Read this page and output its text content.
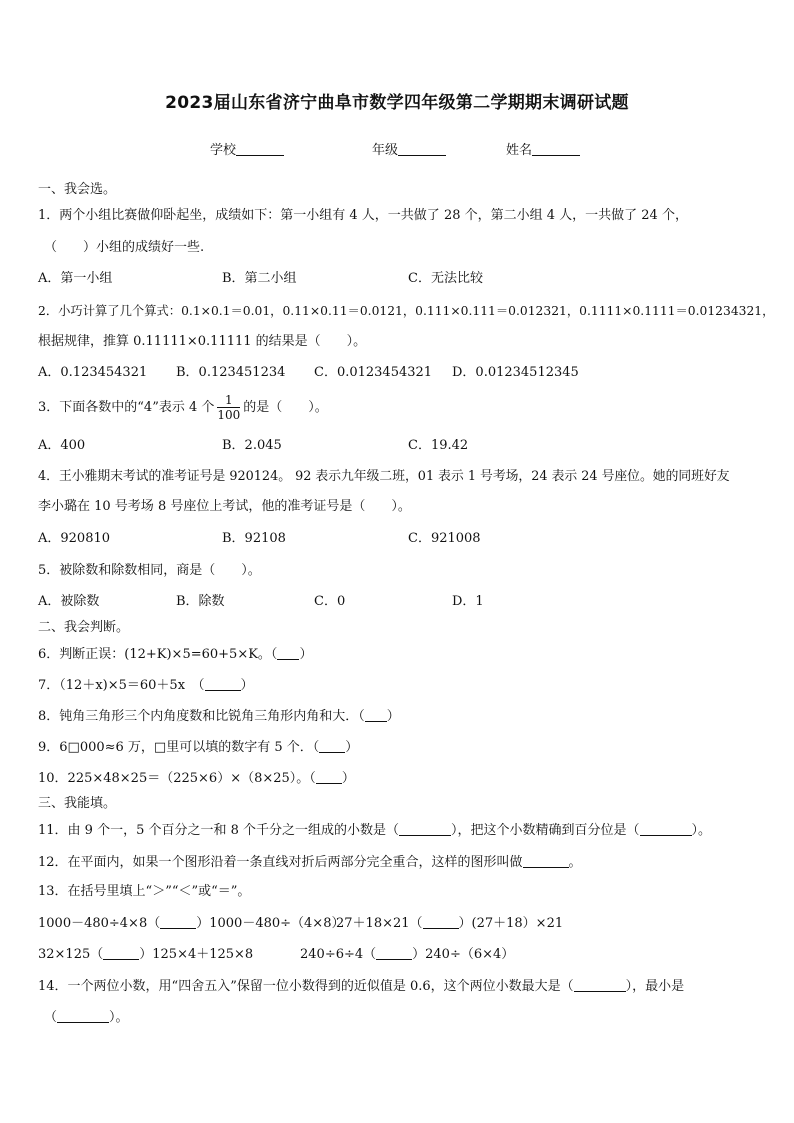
2023届山东省济宁曲阜市数学四年级第二学期期末调研试题
学校	年级	姓名
一、我会选。
1．两个小组比赛做仰卧起坐，成绩如下：第一小组有 4 人，一共做了 28 个，第二小组 4 人，一共做了 24 个，
（　　）小组的成绩好一些.
A．第一小组	B．第二小组	C．无法比较
2．小巧计算了几个算式：0.1×0.1＝0.01，0.11×0.11＝0.0121，0.111×0.111＝0.012321，0.1111×0.1111＝0.01234321，
根据规律，推算 0.11111×0.11111 的结果是（　　）。
A．0.123454321 B．0.123451234 C．0.0123454321 D．0.01234512345
3．下面各数中的“4”表示 4 个 $\frac{1}{100}$ 的是（　　）。
A．400	B．2.045	C．19.42
4．王小雅期末考试的准考证号是 920124。 92 表示九年级二班，01 表示 1 号考场，24 表示 24 号座位。她的同班好友
李小璐在 10 号考场 8 号座位上考试，他的准考证号是（　　）。
A．920810	B．92108	C．921008
5．被除数和除数相同，商是（　　）。
A．被除数	B．除数	C．0	D．1
二、我会判断。
6．判断正误：(12+K)×5=60+5×K。（ ）
7．（12＋x)×5＝60＋5x　（	）
8．钝角三角形三个内角度数和比锐角三角形内角和大．（ ）
9．6□000≈6 万，□里可以填的数字有 5 个．（ ）
10．225×48×25＝（225×6）×（8×25）。（ ）
三、我能填。
11．由 9 个一，5 个百分之一和 8 个千分之一组成的小数是（	），把这个小数精确到百分位是（	）。
12．在平面内，如果一个图形沿着一条直线对折后两部分完全重合，这样的图形叫做	。
13．在括号里填上“＞”“＜”或“＝”。
1000－480÷4×8（	）1000－480÷（4×8）
27＋18×21（	）(27＋18）×21
32×125（	）125×4＋125×8	240÷6÷4（	）240÷（6×4）
14．一个两位小数，用“四舍五入”保留一位小数得到的近似值是 0.6，这个两位小数最大是（	），最小是
（	）。
